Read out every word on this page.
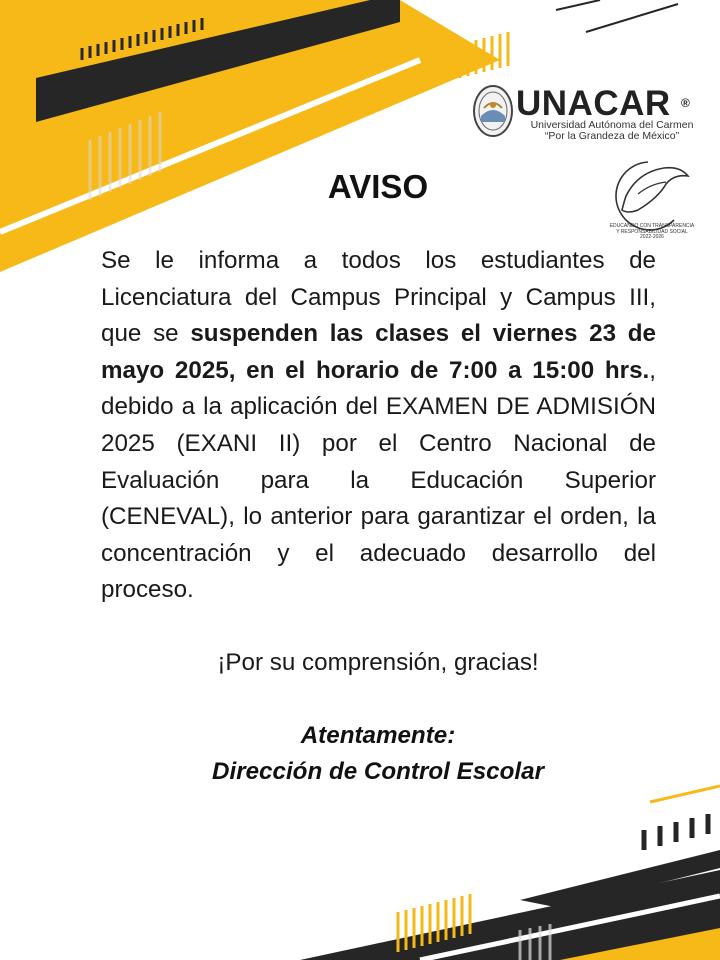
UNACAR ®
Universidad Autónoma del Carmen
“Por la Grandeza de México”
EDUCANDO CON TRANSPARENCIA
Y RESPONSABILIDAD SOCIAL
2022-2026
AVISO

Se le informa a todos los estudiantes de Licenciatura del Campus Principal y Campus III, que se suspenden las clases el viernes 23 de mayo 2025, en el horario de 7:00 a 15:00 hrs., debido a la aplicación del EXAMEN DE ADMISIÓN 2025 (EXANI II) por el Centro Nacional de Evaluación para la Educación Superior (CENEVAL), lo anterior para garantizar el orden, la concentración y el adecuado desarrollo del proceso.

¡Por su comprensión, gracias!
Atentamente:
Dirección de Control Escolar
